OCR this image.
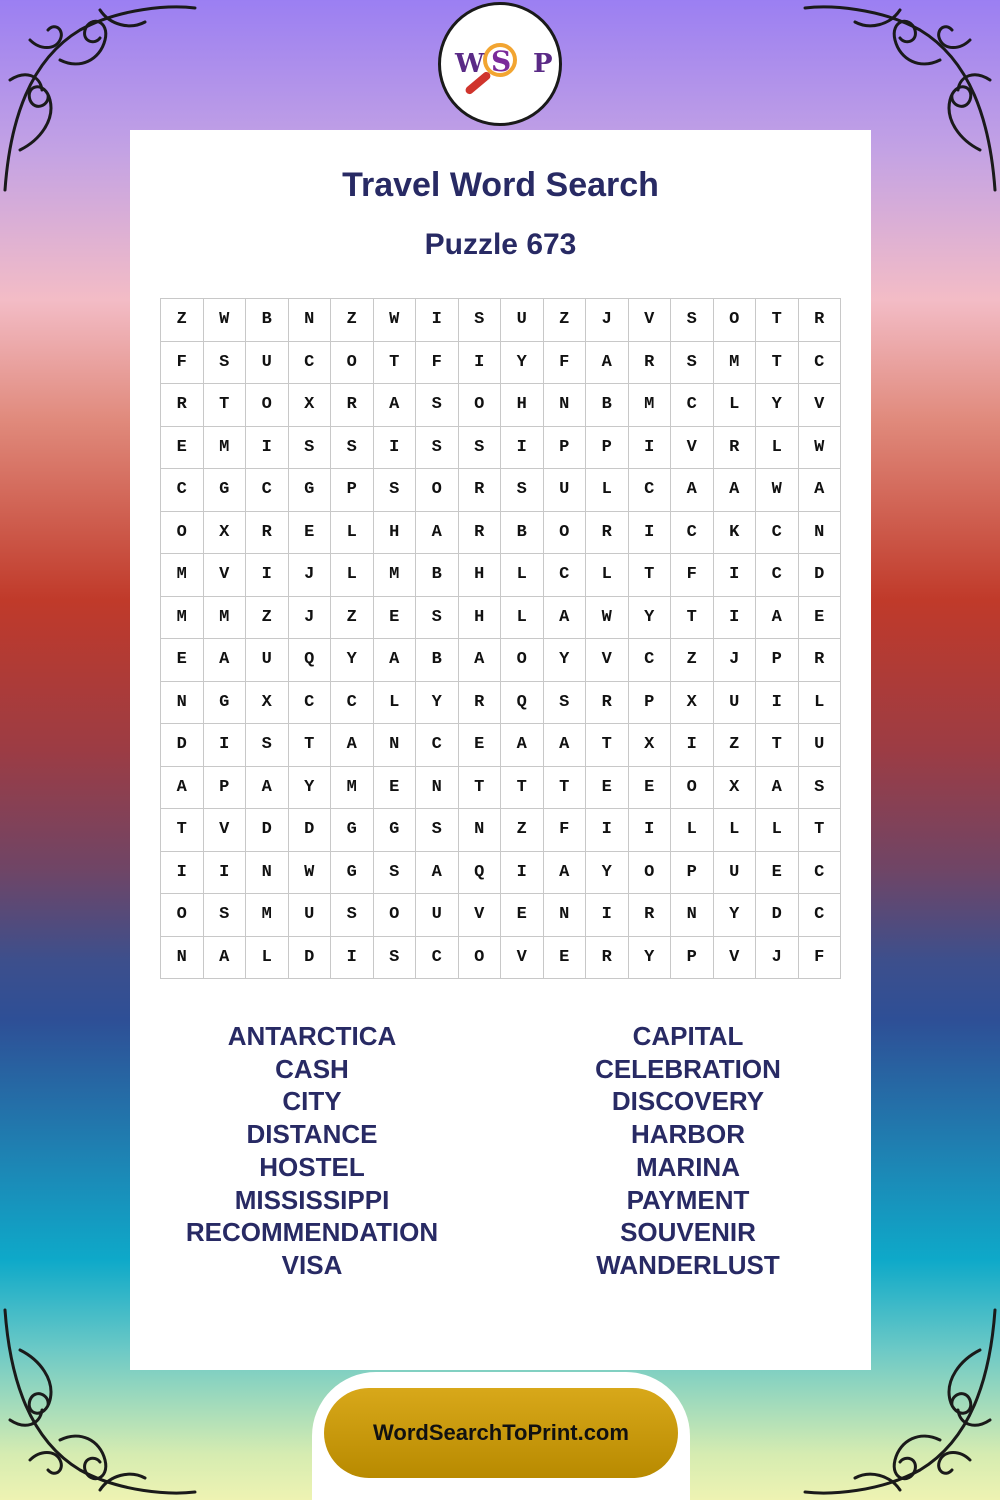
W S P
Travel Word Search
Puzzle 673
Z	W	B	N	Z	W	I	S	U	Z	J	V	S	O	T	R
F	S	U	C	O	T	F	I	Y	F	A	R	S	M	T	C
R	T	O	X	R	A	S	O	H	N	B	M	C	L	Y	V
E	M	I	S	S	I	S	S	I	P	P	I	V	R	L	W
C	G	C	G	P	S	O	R	S	U	L	C	A	A	W	A
O	X	R	E	L	H	A	R	B	O	R	I	C	K	C	N
M	V	I	J	L	M	B	H	L	C	L	T	F	I	C	D
M	M	Z	J	Z	E	S	H	L	A	W	Y	T	I	A	E
E	A	U	Q	Y	A	B	A	O	Y	V	C	Z	J	P	R
N	G	X	C	C	L	Y	R	Q	S	R	P	X	U	I	L
D	I	S	T	A	N	C	E	A	A	T	X	I	Z	T	U
A	P	A	Y	M	E	N	T	T	T	E	E	O	X	A	S
T	V	D	D	G	G	S	N	Z	F	I	I	L	L	L	T
I	I	N	W	G	S	A	Q	I	A	Y	O	P	U	E	C
O	S	M	U	S	O	U	V	E	N	I	R	N	Y	D	C
N	A	L	D	I	S	C	O	V	E	R	Y	P	V	J	F
ANTARCTICA
CASH
CITY
DISTANCE
HOSTEL
MISSISSIPPI
RECOMMENDATION
VISA
CAPITAL
CELEBRATION
DISCOVERY
HARBOR
MARINA
PAYMENT
SOUVENIR
WANDERLUST
WordSearchToPrint.com
